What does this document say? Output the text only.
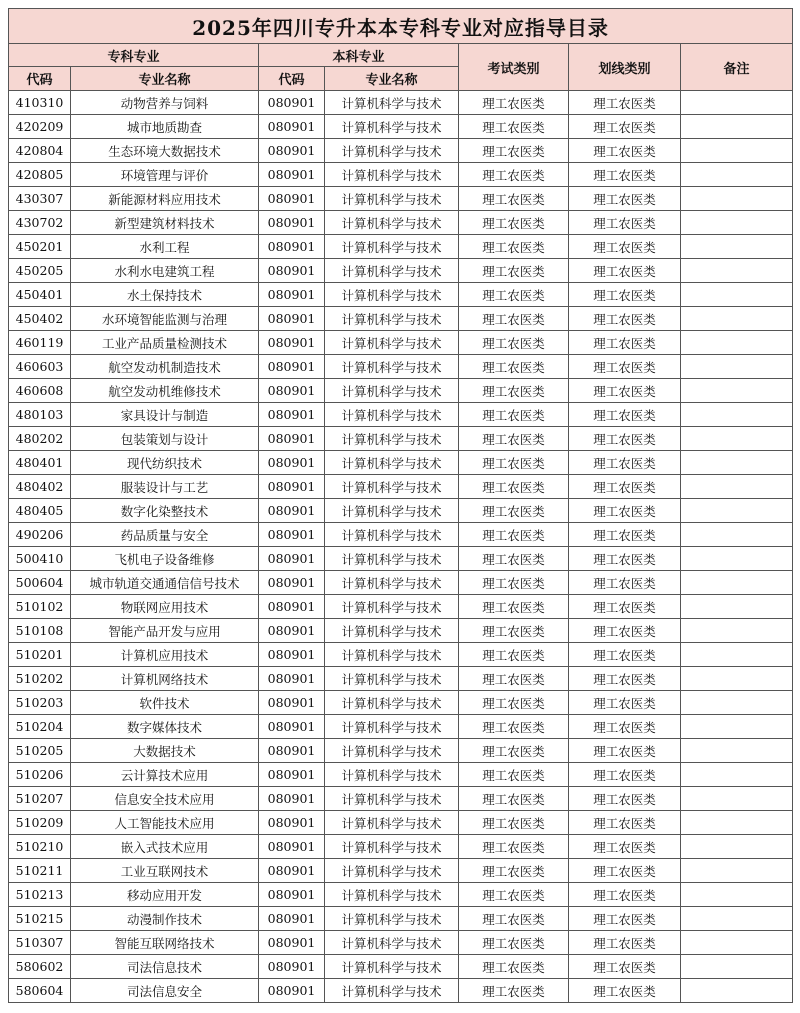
2025年四川专升本本专科专业对应指导目录						
专科专业		本科专业		考试类别	划线类别	备注
代码	专业名称	代码	专业名称			
410310	动物营养与饲料	080901	计算机科学与技术	理工农医类	理工农医类	
420209	城市地质勘查	080901	计算机科学与技术	理工农医类	理工农医类	
420804	生态环境大数据技术	080901	计算机科学与技术	理工农医类	理工农医类	
420805	环境管理与评价	080901	计算机科学与技术	理工农医类	理工农医类	
430307	新能源材料应用技术	080901	计算机科学与技术	理工农医类	理工农医类	
430702	新型建筑材料技术	080901	计算机科学与技术	理工农医类	理工农医类	
450201	水利工程	080901	计算机科学与技术	理工农医类	理工农医类	
450205	水利水电建筑工程	080901	计算机科学与技术	理工农医类	理工农医类	
450401	水土保持技术	080901	计算机科学与技术	理工农医类	理工农医类	
450402	水环境智能监测与治理	080901	计算机科学与技术	理工农医类	理工农医类	
460119	工业产品质量检测技术	080901	计算机科学与技术	理工农医类	理工农医类	
460603	航空发动机制造技术	080901	计算机科学与技术	理工农医类	理工农医类	
460608	航空发动机维修技术	080901	计算机科学与技术	理工农医类	理工农医类	
480103	家具设计与制造	080901	计算机科学与技术	理工农医类	理工农医类	
480202	包装策划与设计	080901	计算机科学与技术	理工农医类	理工农医类	
480401	现代纺织技术	080901	计算机科学与技术	理工农医类	理工农医类	
480402	服装设计与工艺	080901	计算机科学与技术	理工农医类	理工农医类	
480405	数字化染整技术	080901	计算机科学与技术	理工农医类	理工农医类	
490206	药品质量与安全	080901	计算机科学与技术	理工农医类	理工农医类	
500410	飞机电子设备维修	080901	计算机科学与技术	理工农医类	理工农医类	
500604	城市轨道交通通信信号技术	080901	计算机科学与技术	理工农医类	理工农医类	
510102	物联网应用技术	080901	计算机科学与技术	理工农医类	理工农医类	
510108	智能产品开发与应用	080901	计算机科学与技术	理工农医类	理工农医类	
510201	计算机应用技术	080901	计算机科学与技术	理工农医类	理工农医类	
510202	计算机网络技术	080901	计算机科学与技术	理工农医类	理工农医类	
510203	软件技术	080901	计算机科学与技术	理工农医类	理工农医类	
510204	数字媒体技术	080901	计算机科学与技术	理工农医类	理工农医类	
510205	大数据技术	080901	计算机科学与技术	理工农医类	理工农医类	
510206	云计算技术应用	080901	计算机科学与技术	理工农医类	理工农医类	
510207	信息安全技术应用	080901	计算机科学与技术	理工农医类	理工农医类	
510209	人工智能技术应用	080901	计算机科学与技术	理工农医类	理工农医类	
510210	嵌入式技术应用	080901	计算机科学与技术	理工农医类	理工农医类	
510211	工业互联网技术	080901	计算机科学与技术	理工农医类	理工农医类	
510213	移动应用开发	080901	计算机科学与技术	理工农医类	理工农医类	
510215	动漫制作技术	080901	计算机科学与技术	理工农医类	理工农医类	
510307	智能互联网络技术	080901	计算机科学与技术	理工农医类	理工农医类	
580602	司法信息技术	080901	计算机科学与技术	理工农医类	理工农医类	
580604	司法信息安全	080901	计算机科学与技术	理工农医类	理工农医类	
